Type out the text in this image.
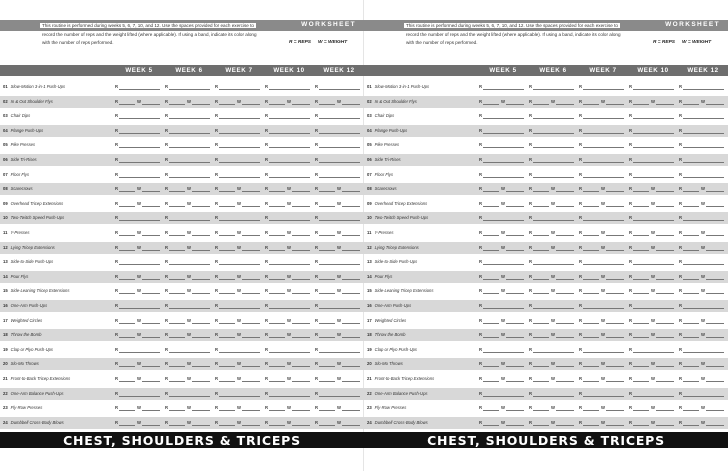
WORKSHEET
This routine is performed during weeks 5, 6, 7, 10, and 12. Use the spaces provided for each exercise to record the number of reps and the weight lifted (where applicable). If using a band, indicate its color along with the number of reps performed.	R = REPS W = WEIGHT
WEEK 5	WEEK 6	WEEK 7	WEEK 10	WEEK 12
01 Slow-Motion 3-in-1 Push-Ups	R	R	R	R	R
02 In & Out Shoulder Flys	R	W	R	W	R	W	R	W	R	W
03 Chair Dips	R	R	R	R	R
04 Plange Push-Ups	R	R	R	R	R
05 Pike Presses	R	R	R	R	R
06 Side Tri-Rises	R	R	R	R	R
07 Floor Flys	R	R	R	R	R
08 Scarecrows	R	W	R	W	R	W	R	W	R	W
09 Overhead Tricep Extensions	R	W	R	W	R	W	R	W	R	W
10 Two-Twitch Speed Push-Ups	R	R	R	R	R
11 Y-Presses	R	W	R	W	R	W	R	W	R	W
12 Lying Tricep Extensions	R	W	R	W	R	W	R	W	R	W
13 Side-to-Side Push-Ups	R	R	R	R	R
14 Pour Flys	R	W	R	W	R	W	R	W	R	W
15 Side-Leaning Tricep Extensions	R	W	R	W	R	W	R	W	R	W
16 One-Arm Push-Ups	R	R	R	R	R
17 Weighted Circles	R	W	R	W	R	W	R	W	R	W
18 Throw the Bomb	R	W	R	W	R	W	R	W	R	W
19 Clap or Plyo Push-Ups	R	R	R	R	R
20 Slo-Mo Throws	R	W	R	W	R	W	R	W	R	W
21 Front-to-Back Tricep Extensions	R	W	R	W	R	W	R	W	R	W
22 One-Arm Balance Push-Ups	R	R	R	R	R
23 Fly-Row Presses	R	W	R	W	R	W	R	W	R	W
24 Dumbbell Cross-Body Blows	R	W	R	W	R	W	R	W	R	W
CHEST, SHOULDERS & TRICEPS
WORKSHEET
This routine is performed during weeks 5, 6, 7, 10, and 12. Use the spaces provided for each exercise to record the number of reps and the weight lifted (where applicable). If using a band, indicate its color along with the number of reps performed.	R = REPS W = WEIGHT
WEEK 5	WEEK 6	WEEK 7	WEEK 10	WEEK 12
01 Slow-Motion 3-in-1 Push-Ups	R	R	R	R	R
02 In & Out Shoulder Flys	R	W	R	W	R	W	R	W	R	W
03 Chair Dips	R	R	R	R	R
04 Plange Push-Ups	R	R	R	R	R
05 Pike Presses	R	R	R	R	R
06 Side Tri-Rises	R	R	R	R	R
07 Floor Flys	R	R	R	R	R
08 Scarecrows	R	W	R	W	R	W	R	W	R	W
09 Overhead Tricep Extensions	R	W	R	W	R	W	R	W	R	W
10 Two-Twitch Speed Push-Ups	R	R	R	R	R
11 Y-Presses	R	W	R	W	R	W	R	W	R	W
12 Lying Tricep Extensions	R	W	R	W	R	W	R	W	R	W
13 Side-to-Side Push-Ups	R	R	R	R	R
14 Pour Flys	R	W	R	W	R	W	R	W	R	W
15 Side-Leaning Tricep Extensions	R	W	R	W	R	W	R	W	R	W
16 One-Arm Push-Ups	R	R	R	R	R
17 Weighted Circles	R	W	R	W	R	W	R	W	R	W
18 Throw the Bomb	R	W	R	W	R	W	R	W	R	W
19 Clap or Plyo Push-Ups	R	R	R	R	R
20 Slo-Mo Throws	R	W	R	W	R	W	R	W	R	W
21 Front-to-Back Tricep Extensions	R	W	R	W	R	W	R	W	R	W
22 One-Arm Balance Push-Ups	R	R	R	R	R
23 Fly-Row Presses	R	W	R	W	R	W	R	W	R	W
24 Dumbbell Cross-Body Blows	R	W	R	W	R	W	R	W	R	W
CHEST, SHOULDERS & TRICEPS
